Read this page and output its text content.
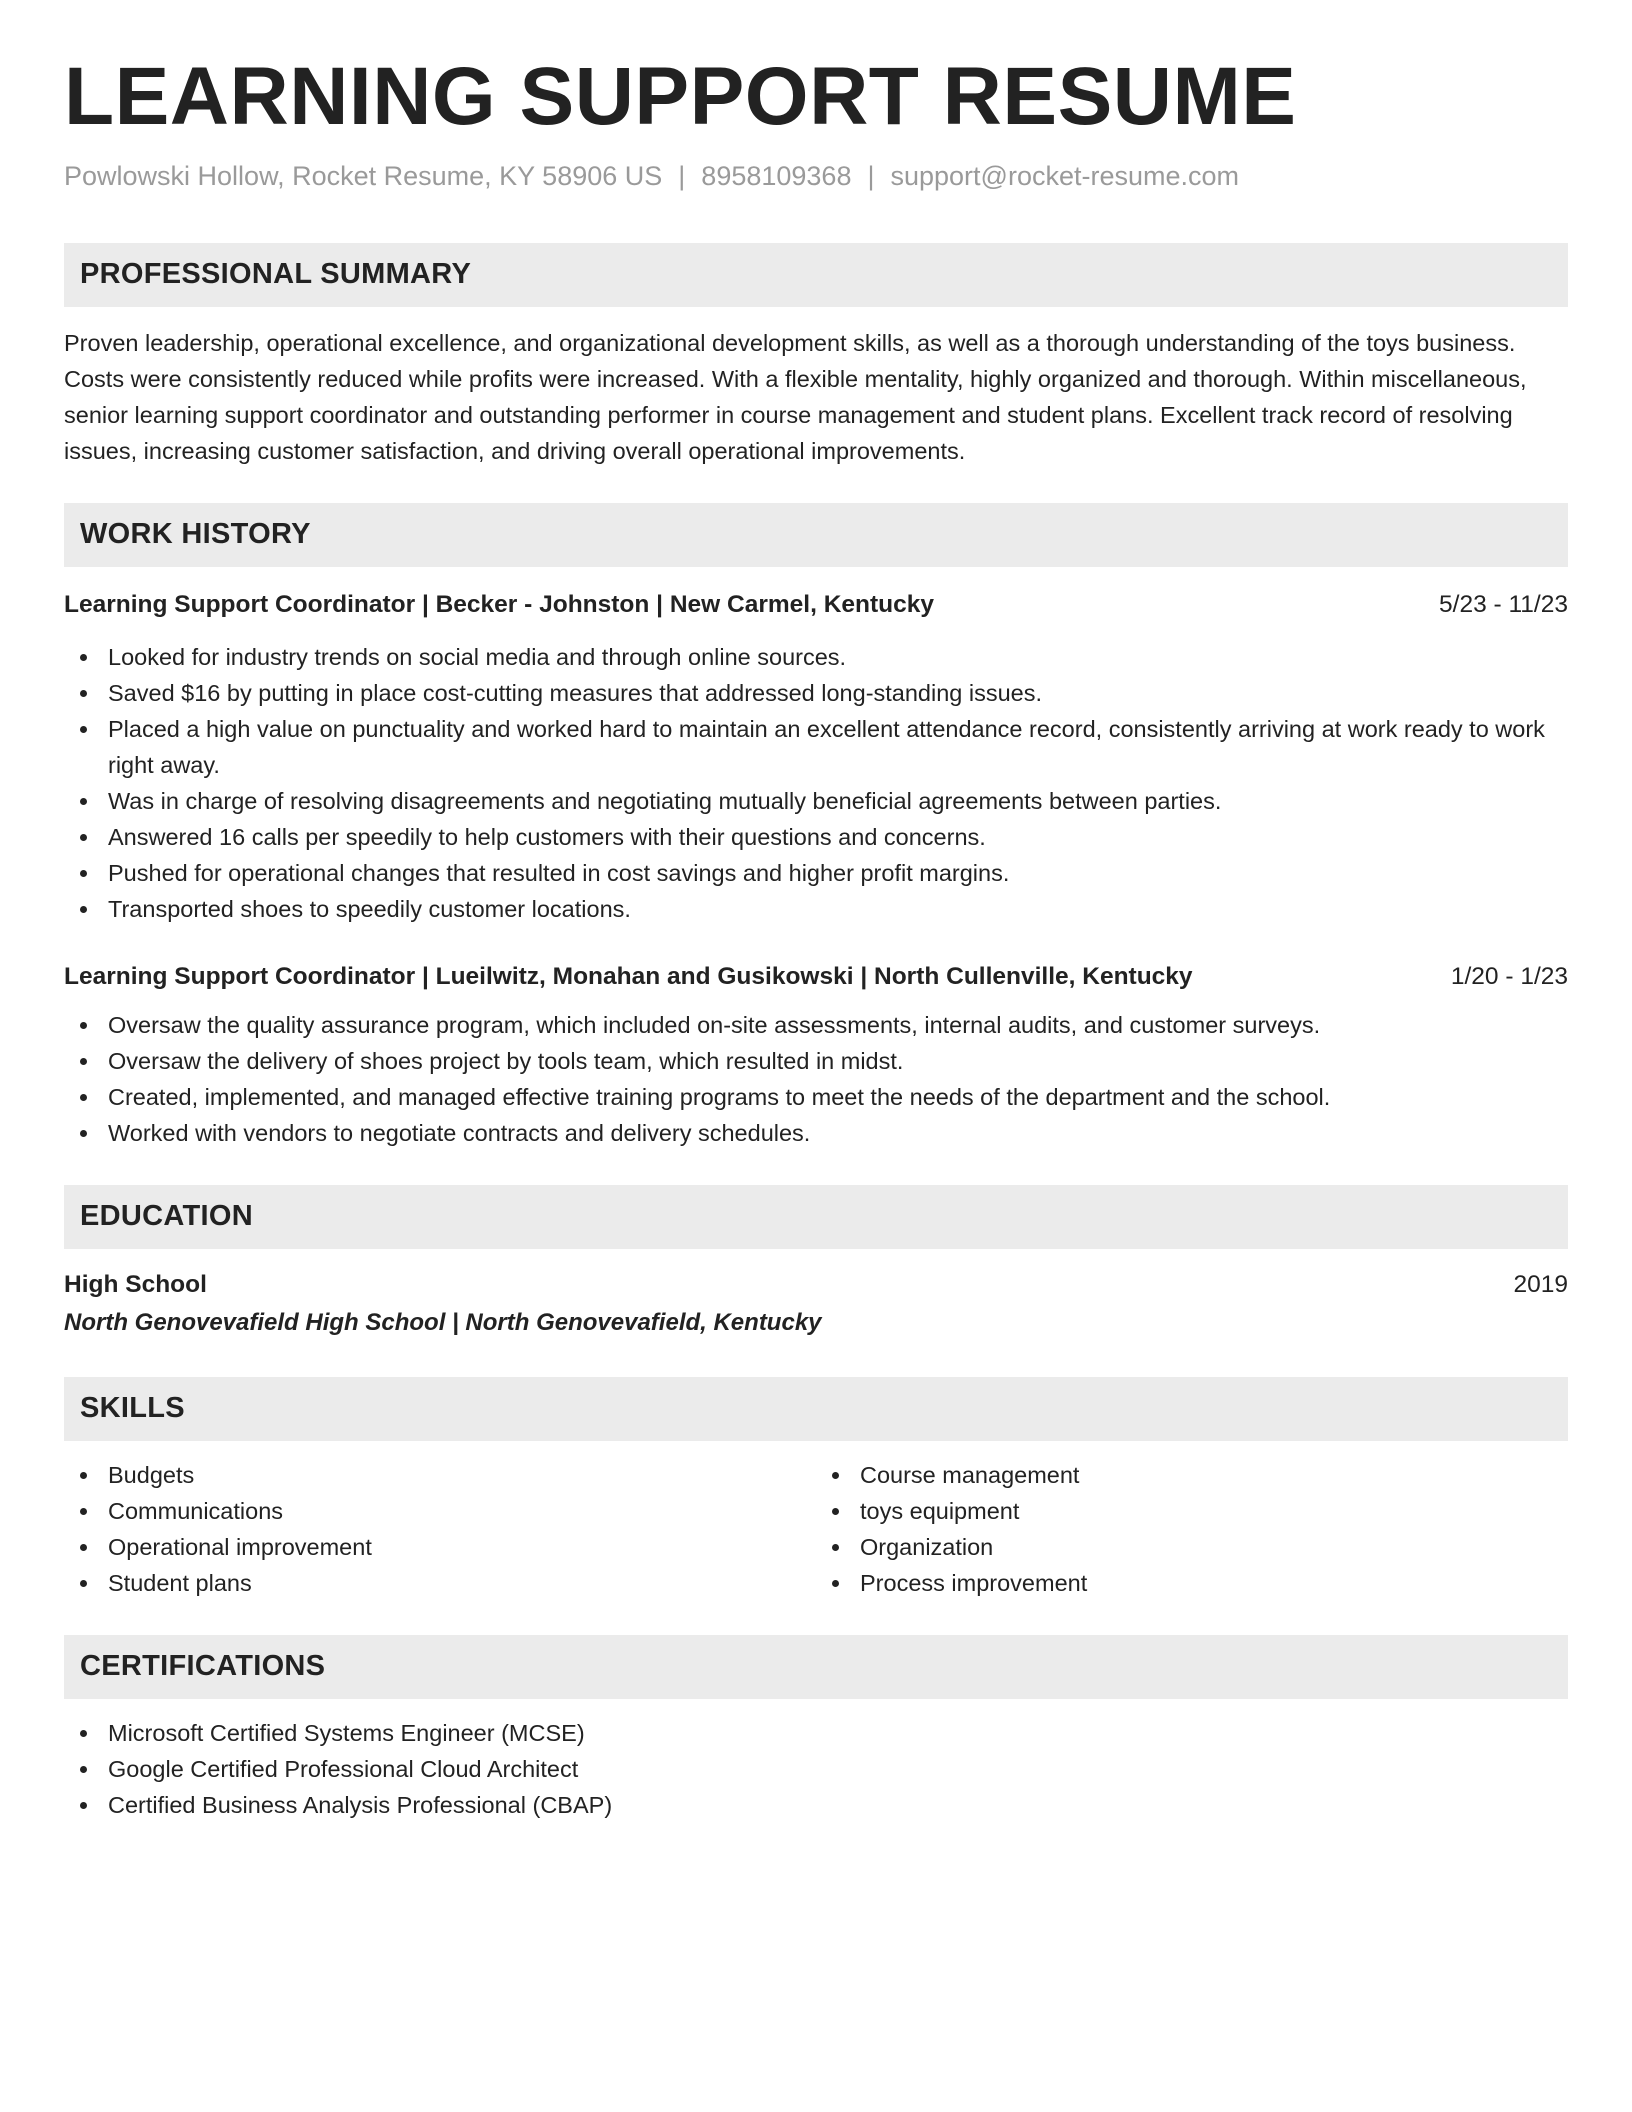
LEARNING SUPPORT RESUME
Powlowski Hollow, Rocket Resume, KY 58906 US | 8958109368 | support@rocket-resume.com
PROFESSIONAL SUMMARY

Proven leadership, operational excellence, and organizational development skills, as well as a thorough understanding of the toys business. Costs were consistently reduced while profits were increased. With a flexible mentality, highly organized and thorough. Within miscellaneous, senior learning support coordinator and outstanding performer in course management and student plans. Excellent track record of resolving issues, increasing customer satisfaction, and driving overall operational improvements.

WORK HISTORY
Learning Support Coordinator | Becker - Johnston | New Carmel, Kentucky	5/23 - 11/23
Looked for industry trends on social media and through online sources.
Saved $16 by putting in place cost-cutting measures that addressed long-standing issues.
Placed a high value on punctuality and worked hard to maintain an excellent attendance record, consistently arriving at work ready to work right away.
Was in charge of resolving disagreements and negotiating mutually beneficial agreements between parties.
Answered 16 calls per speedily to help customers with their questions and concerns.
Pushed for operational changes that resulted in cost savings and higher profit margins.
Transported shoes to speedily customer locations.
Learning Support Coordinator | Lueilwitz, Monahan and Gusikowski | North Cullenville, Kentucky	1/20 - 1/23
Oversaw the quality assurance program, which included on-site assessments, internal audits, and customer surveys.
Oversaw the delivery of shoes project by tools team, which resulted in midst.
Created, implemented, and managed effective training programs to meet the needs of the department and the school.
Worked with vendors to negotiate contracts and delivery schedules.
EDUCATION
High School	2019
North Genovevafield High School | North Genovevafield, Kentucky
SKILLS
Budgets
Communications
Operational improvement
Student plans
Course management
toys equipment
Organization
Process improvement
CERTIFICATIONS
Microsoft Certified Systems Engineer (MCSE)
Google Certified Professional Cloud Architect
Certified Business Analysis Professional (CBAP)
